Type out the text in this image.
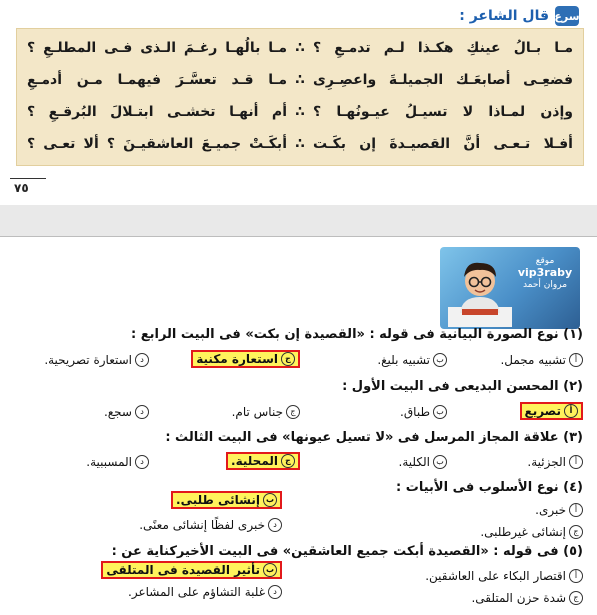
سرع
قال الشاعر :
مـا بـالُ عينكِ هكـذا لـم تدمـعِ ؟
∴
مـا بالُهـا رغـمَ الـذى فـى المطلـعِ ؟
فضعِـى أصابعَـك الجميلـةَ واعصِـرِى
∴
مـا قـد تعسَّـرَ فيهمـا مـن أدمـعِ
وإذن لمـاذا لا تسيـلُ عيـونُهـا ؟
∴
أم أنهـا تخشـى ابتـلالَ البُرقـعِ ؟
أفـلا تـعـى أنَّ القصيـدةَ إن بكَـت
∴
أبكَـتْ جميـعَ العاشقيـنَ ؟ ألا تعـى ؟
٧٥
موقع
vip3raby
مروان أحمد
(١) نوع الصورة البيانية فى قوله : «القصيدة إن بكت» فى البيت الرابع :
أ
تشبيه مجمل.
ب
تشبيه بليغ.
ج
استعارة مكنية
د
استعارة تصريحية.
(٢) المحسن البديعى فى البيت الأول :
أ
تصريع
ب
طباق.
ج
جناس تام.
د
سجع.
(٣) علاقة المجاز المرسل فى «لا تسيل عيونها» فى البيت الثالث :
أ
الجزئية.
ب
الكلية.
ج
المحلية.
د
المسببية.
(٤) نوع الأسلوب فى الأبيات :
أ
خبرى.
ب
إنشائى طلبى.
ج
إنشائى غيرطلبى.
د
خبرى لفظًا إنشائى معنًى.
(٥) فى قوله : «القصيدة أبكت جميع العاشقين» فى البيت الأخيركناية عن :
أ
اقتصار البكاء على العاشقين.
ب
تأثير القصيدة فى المتلقى
ج
شدة حزن المتلقى.
د
غلبة التشاؤم على المشاعر.
